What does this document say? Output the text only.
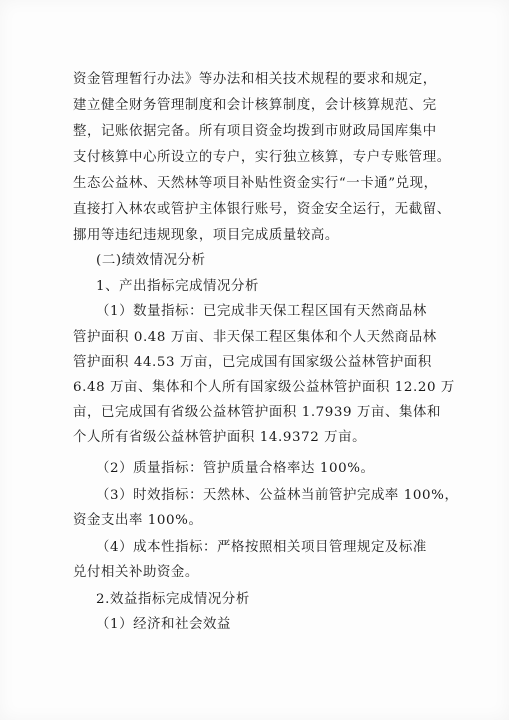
资金管理暂行办法》等办法和相关技术规程的要求和规定，
建立健全财务管理制度和会计核算制度，会计核算规范、完
整，记账依据完备。所有项目资金均拨到市财政局国库集中
支付核算中心所设立的专户，实行独立核算，专户专账管理。
生态公益林、天然林等项目补贴性资金实行“一卡通”兑现，
直接打入林农或管护主体银行账号，资金安全运行，无截留、
挪用等违纪违规现象，项目完成质量较高。
(二)绩效情况分析
1、产出指标完成情况分析
（1）数量指标：已完成非天保工程区国有天然商品林
管护面积 0.48 万亩、非天保工程区集体和个人天然商品林
管护面积 44.53 万亩，已完成国有国家级公益林管护面积
6.48 万亩、集体和个人所有国家级公益林管护面积 12.20 万
亩，已完成国有省级公益林管护面积 1.7939 万亩、集体和
个人所有省级公益林管护面积 14.9372 万亩。
（2）质量指标：管护质量合格率达 100%。
（3）时效指标：天然林、公益林当前管护完成率 100%，
资金支出率 100%。
（4）成本性指标：严格按照相关项目管理规定及标准
兑付相关补助资金。
2.效益指标完成情况分析
（1）经济和社会效益
